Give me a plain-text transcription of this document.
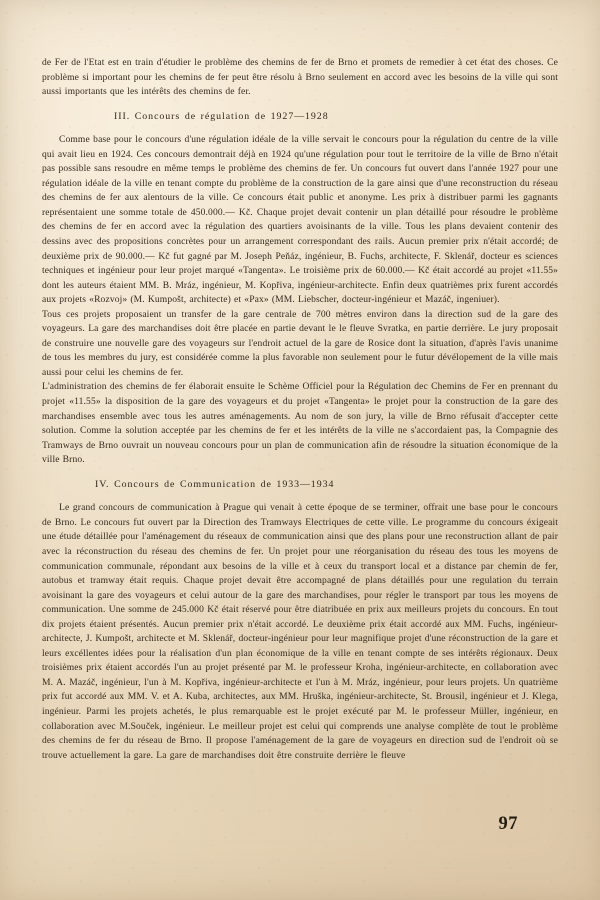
de Fer de l'Etat est en train d'étudier le problème des chemins de fer de Brno et promets de remedier à cet état des choses. Ce problème si important pour les chemins de fer peut être résolu à Brno seulement en accord avec les besoins de la ville qui sont aussi importants que les intérêts des chemins de fer.

III. Concours de régulation de 1927—1928

Comme base pour le concours d'une régulation idéale de la ville servait le concours pour la régulation du centre de la ville qui avait lieu en 1924. Ces concours demontrait déjà en 1924 qu'une régulation pour tout le territoire de la ville de Brno n'était pas possible sans resoudre en même temps le problème des chemins de fer. Un concours fut ouvert dans l'année 1927 pour une régulation idéale de la ville en tenant compte du problème de la construction de la gare ainsi que d'une reconstruction du réseau des chemins de fer aux alentours de la ville. Ce concours était public et anonyme. Les prix à distribuer parmi les gagnants représentaient une somme totale de 450.000.— Kč. Chaque projet devait contenir un plan détaillé pour résoudre le problème des chemins de fer en accord avec la régulation des quartiers avoisinants de la ville. Tous les plans devaient contenir des dessins avec des propositions concrètes pour un arrangement correspondant des rails. Aucun premier prix n'était accordé; de deuxième prix de 90.000.— Kč fut gagné par M. Joseph Peňáz, ingénieur, B. Fuchs, architecte, F. Sklenář, docteur es sciences techniques et ingénieur pour leur projet marqué «Tangenta». Le troisième prix de 60.000.— Kč était accordé au projet «11.55» dont les auteurs étaient MM. B. Mráz, ingénieur, M. Kopřiva, ingénieur-architecte. Enfin deux quatrièmes prix furent accordés aux projets «Rozvoj» (M. Kumpošt, architecte) et «Pax» (MM. Liebscher, docteur-ingénieur et Mazáč, ingeniuer).

Tous ces projets proposaient un transfer de la gare centrale de 700 mètres environ dans la direction sud de la gare des voyageurs. La gare des marchandises doit être placée en partie devant le le fleuve Svratka, en partie derrière. Le jury proposait de construire une nouvelle gare des voyageurs sur l'endroit actuel de la gare de Rosice dont la situation, d'après l'avis unanime de tous les membres du jury, est considérée comme la plus favorable non seulement pour le futur dévélopement de la ville mais aussi pour celui les chemins de fer.

L'administration des chemins de fer élaborait ensuite le Schème Officiel pour la Régulation dec Chemins de Fer en prennant du projet «11.55» la disposition de la gare des voyageurs et du projet «Tangenta» le projet pour la construction de la gare des marchandises ensemble avec tous les autres aménagements. Au nom de son jury, la ville de Brno réfusait d'accepter cette solution. Comme la solution acceptée par les chemins de fer et les intérêts de la ville ne s'accordaient pas, la Compagnie des Tramways de Brno ouvrait un nouveau concours pour un plan de communication afin de résoudre la situation économique de la ville Brno.

IV. Concours de Communication de 1933—1934

Le grand concours de communication à Prague qui venait à cette époque de se terminer, offrait une base pour le concours de Brno. Le concours fut ouvert par la Direction des Tramways Electriques de cette ville. Le programme du concours éxigeait une étude détaillée pour l'aménagement du réseaux de communication ainsi que des plans pour une reconstruction allant de pair avec la réconstruction du réseau des chemins de fer. Un projet pour une réorganisation du réseau des tous les moyens de communication communale, répondant aux besoins de la ville et à ceux du transport local et a distance par chemin de fer, autobus et tramway était requis. Chaque projet devait être accompagné de plans détaillés pour une regulation du terrain avoisinant la gare des voyageurs et celui autour de la gare des marchandises, pour régler le transport par tous les moyens de communication. Une somme de 245.000 Kč était réservé pour être diatribuée en prix aux meilleurs projets du concours. En tout dix projets étaient présentés. Aucun premier prix n'était accordé. Le deuxième prix était accordé aux MM. Fuchs, ingénieur-architecte, J. Kumpošt, architecte et M. Sklenář, docteur-ingénieur pour leur magnifique projet d'une réconstruction de la gare et leurs excéllentes idées pour la réalisation d'un plan économique de la ville en tenant compte de ses intérêts régionaux. Deux troisièmes prix étaient accordés l'un au projet présenté par M. le professeur Kroha, ingénieur-architecte, en collaboration avec M. A. Mazáč, ingénieur, l'un à M. Kopřiva, ingénieur-architecte et l'un à M. Mráz, ingénieur, pour leurs projets. Un quatrième prix fut accordé aux MM. V. et A. Kuba, architectes, aux MM. Hruška, ingénieur-architecte, St. Brousil, ingénieur et J. Klega, ingénieur. Parmi les projets achetés, le plus remarquable est le projet exécuté par M. le professeur Müller, ingénieur, en collaboration avec M.Souček, ingénieur. Le meilleur projet est celui qui comprends une analyse complète de tout le problème des chemins de fer du réseau de Brno. Il propose l'aménagement de la gare de voyageurs en direction sud de l'endroit où se trouve actuellement la gare. La gare de marchandises doit être construite derrière le fleuve

97
